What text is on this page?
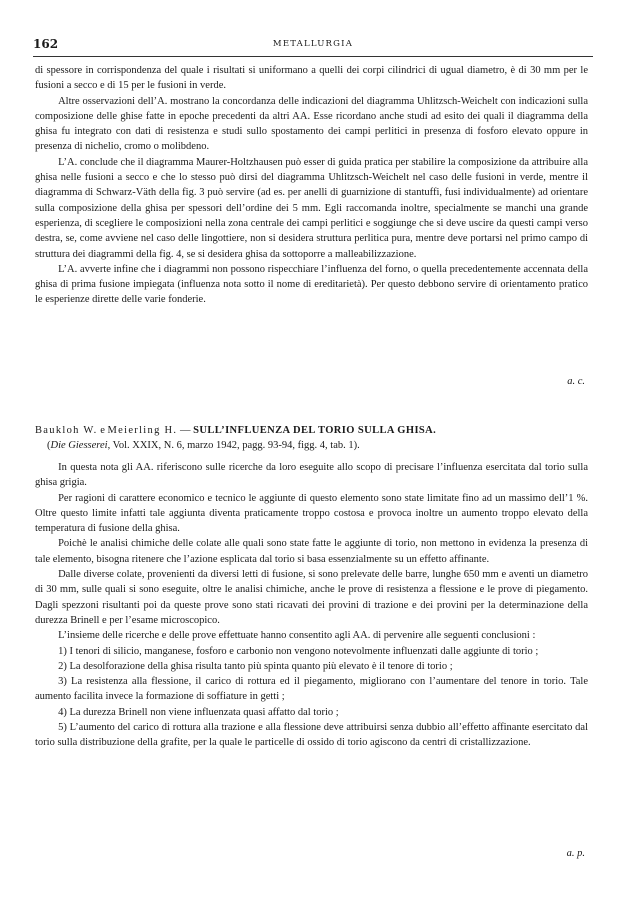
162	METALLURGIA

di spessore in corrispondenza del quale i risultati si uniformano a quelli dei corpi cilindrici di ugual diametro, è di 30 mm per le fusioni a secco e di 15 per le fusioni in verde.

Altre osservazioni dell’A. mostrano la concordanza delle indicazioni del diagramma Uhlitzsch-Weichelt con indicazioni sulla composizione delle ghise fatte in epoche precedenti da altri AA. Esse ricordano anche studi ad esito dei quali il diagramma della ghisa fu integrato con dati di resistenza e studi sullo spostamento dei campi perlitici in presenza di fosforo elevato oppure in presenza di nichelio, cromo o molibdeno.

L’A. conclude che il diagramma Maurer-Holtzhausen può esser di guida pratica per stabilire la composizione da attribuire alla ghisa nelle fusioni a secco e che lo stesso può dirsi del diagramma Uhlitzsch-Weichelt nel caso delle fusioni in verde, mentre il diagramma di Schwarz-Väth della fig. 3 può servire (ad es. per anelli di guarnizione di stantuffi, fusi individualmente) ad orientare sulla composizione della ghisa per spessori dell’ordine dei 5 mm. Egli raccomanda inoltre, specialmente se manchi una grande esperienza, di scegliere le composizioni nella zona centrale dei campi perlitici e soggiunge che si deve uscire da questi campi verso destra, se, come avviene nel caso delle lingottiere, non si desidera struttura perlitica pura, mentre deve portarsi nel primo campo di struttura dei diagrammi della fig. 4, se si desidera ghisa da sottoporre a malleabilizzazione.

L’A. avverte infine che i diagrammi non possono rispecchiare l’influenza del forno, o quella precedentemente accennata della ghisa di prima fusione impiegata (influenza nota sotto il nome di ereditarietà). Per questo debbono servire di orientamento pratico le esperienze dirette delle varie fonderie.

a. c.
Baukloh W. e Meierling H. — SULL’INFLUENZA DEL TORIO SULLA GHISA.
(Die Giesserei, Vol. XXIX, N. 6, marzo 1942, pagg. 93-94, figg. 4, tab. 1).

In questa nota gli AA. riferiscono sulle ricerche da loro eseguite allo scopo di precisare l’influenza esercitata dal torio sulla ghisa grigia.

Per ragioni di carattere economico e tecnico le aggiunte di questo elemento sono state limitate fino ad un massimo dell’1 %. Oltre questo limite infatti tale aggiunta diventa praticamente troppo costosa e provoca inoltre un aumento troppo elevato della temperatura di fusione della ghisa.

Poichè le analisi chimiche delle colate alle quali sono state fatte le aggiunte di torio, non mettono in evidenza la presenza di tale elemento, bisogna ritenere che l’azione esplicata dal torio si basa essenzialmente su un effetto affinante.

Dalle diverse colate, provenienti da diversi letti di fusione, si sono prelevate delle barre, lunghe 650 mm e aventi un diametro di 30 mm, sulle quali si sono eseguite, oltre le analisi chimiche, anche le prove di resistenza a flessione e le prove di piegamento. Dagli spezzoni risultanti poi da queste prove sono stati ricavati dei provini di trazione e dei provini per la determinazione della durezza Brinell e per l’esame microscopico.

L’insieme delle ricerche e delle prove effettuate hanno consentito agli AA. di pervenire alle seguenti conclusioni :

1) I tenori di silicio, manganese, fosforo e carbonio non vengono notevolmente influenzati dalle aggiunte di torio ;

2) La desolforazione della ghisa risulta tanto più spinta quanto più elevato è il tenore di torio ;

3) La resistenza alla flessione, il carico di rottura ed il piegamento, migliorano con l’aumentare del tenore in torio. Tale aumento facilita invece la formazione di soffiature in getti ;

4) La durezza Brinell non viene influenzata quasi affatto dal torio ;

5) L’aumento del carico di rottura alla trazione e alla flessione deve attribuirsi senza dubbio all’effetto affinante esercitato dal torio sulla distribuzione della grafite, per la quale le particelle di ossido di torio agiscono da centri di cristallizzazione.

a. p.
